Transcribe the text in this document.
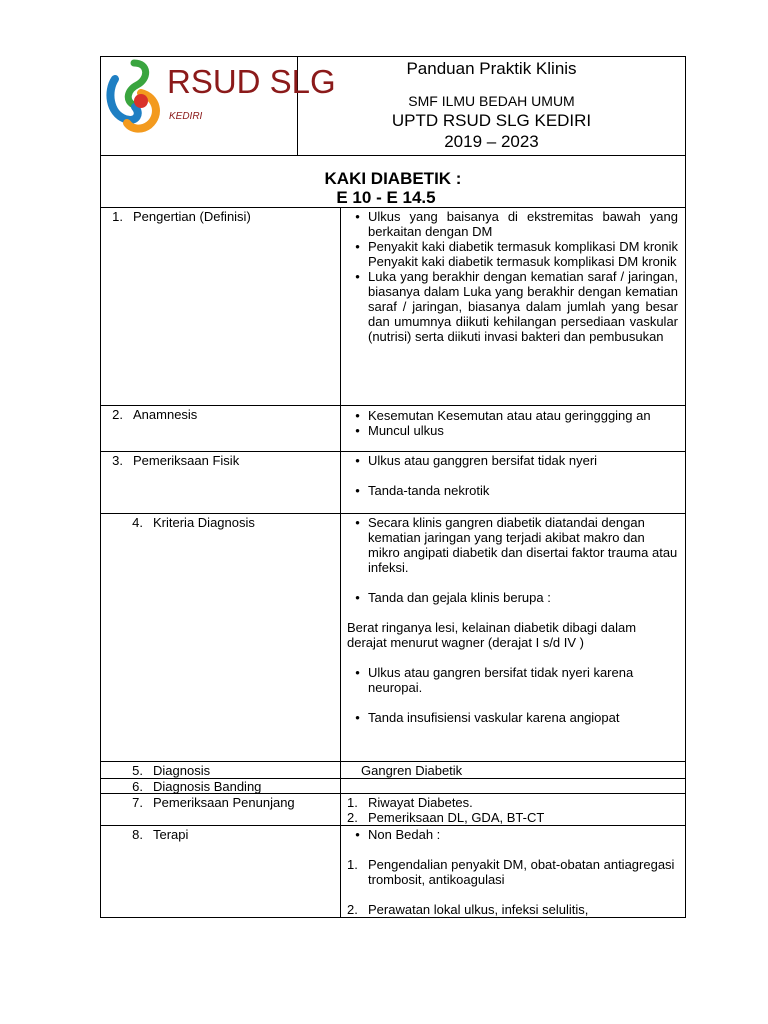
RSUD SLG
KEDIRI
Panduan Praktik Klinis
SMF ILMU BEDAH UMUM
UPTD RSUD SLG KEDIRI
2019 – 2023
KAKI DIABETIK :
E 10 - E 14.5
1. Pengertian (Definisi)	• Ulkus yang baisanya di ekstremitas bawah yang berkaitan dengan DM
• Penyakit kaki diabetik termasuk komplikasi DM kronik Penyakit kaki diabetik termasuk komplikasi DM kronik
• Luka yang berakhir dengan kematian saraf / jaringan, biasanya dalam Luka yang berakhir dengan kematian saraf / jaringan, biasanya dalam jumlah yang besar dan umumnya diikuti kehilangan persediaan vaskular (nutrisi) serta diikuti invasi bakteri dan pembusukan
2. Anamnesis	• Kesemutan Kesemutan atau atau geringgging an
• Muncul ulkus
3. Pemeriksaan Fisik	• Ulkus atau ganggren bersifat tidak nyeri
• Tanda-tanda nekrotik
4. Kriteria Diagnosis	• Secara klinis gangren diabetik diatandai dengan kematian jaringan yang terjadi akibat makro dan mikro angipati diabetik dan disertai faktor trauma atau infeksi.
• Tanda dan gejala klinis berupa :
Berat ringanya lesi, kelainan diabetik dibagi dalam derajat menurut wagner (derajat I s/d IV )
• Ulkus atau gangren bersifat tidak nyeri karena neuropai.
• Tanda insufisiensi vaskular karena angiopat
5. Diagnosis	Gangren Diabetik
6. Diagnosis Banding
7. Pemeriksaan Penunjang	1. Riwayat Diabetes.
2. Pemeriksaan DL, GDA, BT-CT
8. Terapi	• Non Bedah :
1. Pengendalian penyakit DM, obat-obatan antiagregasi trombosit, antikoagulasi
2. Perawatan lokal ulkus, infeksi selulitis,
